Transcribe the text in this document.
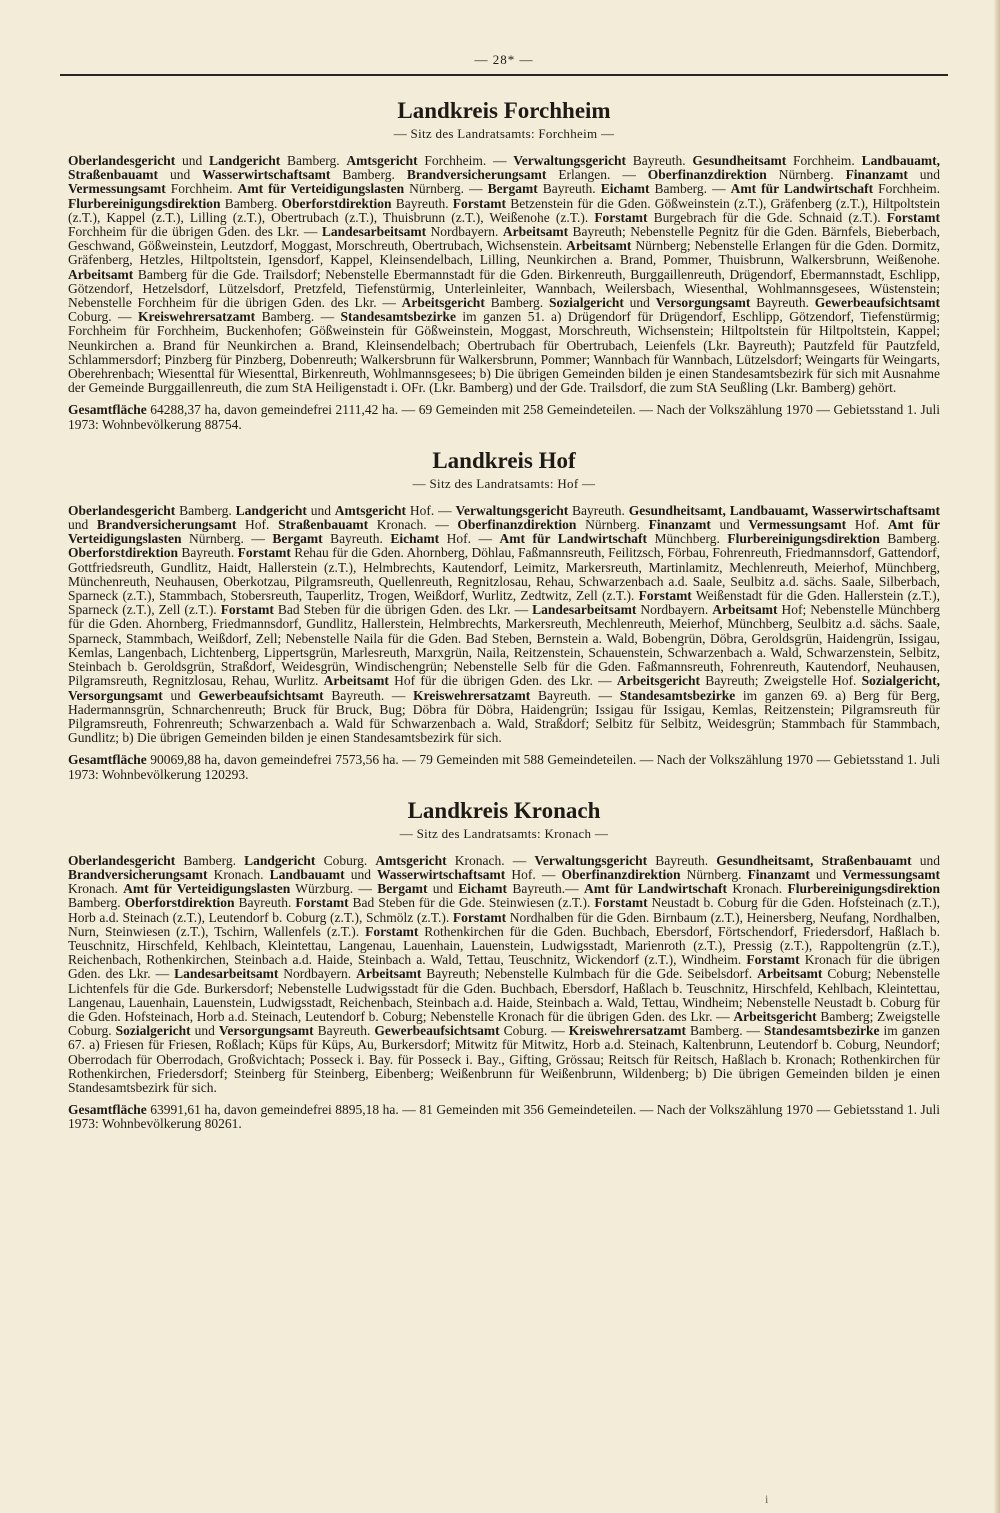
— 28* —
Landkreis Forchheim
— Sitz des Landratsamts: Forchheim —

Oberlandesgericht und Landgericht Bamberg. Amtsgericht Forchheim. — Verwaltungsgericht Bayreuth. Gesundheitsamt Forchheim. Landbauamt, Straßenbauamt und Wasserwirtschaftsamt Bamberg. Brandversicherungsamt Erlangen. — Oberfinanzdirektion Nürnberg. Finanzamt und Vermessungsamt Forchheim. Amt für Verteidigungslasten Nürnberg. — Bergamt Bayreuth. Eichamt Bamberg. — Amt für Landwirtschaft Forchheim. Flurbereinigungsdirektion Bamberg. Oberforstdirektion Bayreuth. Forstamt Betzenstein für die Gden. Gößweinstein (z.T.), Gräfenberg (z.T.), Hiltpoltstein (z.T.), Kappel (z.T.), Lilling (z.T.), Obertrubach (z.T.), Thuisbrunn (z.T.), Weißenohe (z.T.). Forstamt Burgebrach für die Gde. Schnaid (z.T.). Forstamt Forchheim für die übrigen Gden. des Lkr. — Landesarbeitsamt Nordbayern. Arbeitsamt Bayreuth; Nebenstelle Pegnitz für die Gden. Bärnfels, Bieberbach, Geschwand, Gößweinstein, Leutzdorf, Moggast, Morschreuth, Obertrubach, Wichsenstein. Arbeitsamt Nürnberg; Nebenstelle Erlangen für die Gden. Dormitz, Gräfenberg, Hetzles, Hiltpoltstein, Igensdorf, Kappel, Kleinsendelbach, Lilling, Neunkirchen a. Brand, Pommer, Thuisbrunn, Walkersbrunn, Weißenohe. Arbeitsamt Bamberg für die Gde. Trailsdorf; Nebenstelle Ebermannstadt für die Gden. Birkenreuth, Burggaillenreuth, Drügendorf, Ebermannstadt, Eschlipp, Götzendorf, Hetzelsdorf, Lützelsdorf, Pretzfeld, Tiefenstürmig, Unterleinleiter, Wannbach, Weilersbach, Wiesenthal, Wohlmannsgesees, Wüstenstein; Nebenstelle Forchheim für die übrigen Gden. des Lkr. — Arbeitsgericht Bamberg. Sozialgericht und Versorgungsamt Bayreuth. Gewerbeaufsichtsamt Coburg. — Kreiswehrersatzamt Bamberg. — Standesamtsbezirke im ganzen 51. a) Drügendorf für Drügendorf, Eschlipp, Götzendorf, Tiefenstürmig; Forchheim für Forchheim, Buckenhofen; Gößweinstein für Gößweinstein, Moggast, Morschreuth, Wichsenstein; Hiltpoltstein für Hiltpoltstein, Kappel; Neunkirchen a. Brand für Neunkirchen a. Brand, Kleinsendelbach; Obertrubach für Obertrubach, Leienfels (Lkr. Bayreuth); Pautzfeld für Pautzfeld, Schlammersdorf; Pinzberg für Pinzberg, Dobenreuth; Walkersbrunn für Walkersbrunn, Pommer; Wannbach für Wannbach, Lützelsdorf; Weingarts für Weingarts, Oberehrenbach; Wiesenttal für Wiesenttal, Birkenreuth, Wohlmannsgesees; b) Die übrigen Gemeinden bilden je einen Standesamtsbezirk für sich mit Ausnahme der Gemeinde Burggaillenreuth, die zum StA Heiligenstadt i. OFr. (Lkr. Bamberg) und der Gde. Trailsdorf, die zum StA Seußling (Lkr. Bamberg) gehört.

Gesamtfläche 64288,37 ha, davon gemeindefrei 2111,42 ha. — 69 Gemeinden mit 258 Gemeindeteilen. — Nach der Volkszählung 1970 — Gebietsstand 1. Juli 1973: Wohnbevölkerung 88754.

Landkreis Hof
— Sitz des Landratsamts: Hof —

Oberlandesgericht Bamberg. Landgericht und Amtsgericht Hof. — Verwaltungsgericht Bayreuth. Gesundheitsamt, Landbauamt, Wasserwirtschaftsamt und Brandversicherungsamt Hof. Straßenbauamt Kronach. — Oberfinanzdirektion Nürnberg. Finanzamt und Vermessungsamt Hof. Amt für Verteidigungslasten Nürnberg. — Bergamt Bayreuth. Eichamt Hof. — Amt für Landwirtschaft Münchberg. Flurbereinigungsdirektion Bamberg. Oberforstdirektion Bayreuth. Forstamt Rehau für die Gden. Ahornberg, Döhlau, Faßmannsreuth, Feilitzsch, Förbau, Fohrenreuth, Friedmannsdorf, Gattendorf, Gottfriedsreuth, Gundlitz, Haidt, Hallerstein (z.T.), Helmbrechts, Kautendorf, Leimitz, Markersreuth, Martinlamitz, Mechlenreuth, Meierhof, Münchberg, Münchenreuth, Neuhausen, Oberkotzau, Pilgramsreuth, Quellenreuth, Regnitzlosau, Rehau, Schwarzenbach a.d. Saale, Seulbitz a.d. sächs. Saale, Silberbach, Sparneck (z.T.), Stammbach, Stobersreuth, Tauperlitz, Trogen, Weißdorf, Wurlitz, Zedtwitz, Zell (z.T.). Forstamt Weißenstadt für die Gden. Hallerstein (z.T.), Sparneck (z.T.), Zell (z.T.). Forstamt Bad Steben für die übrigen Gden. des Lkr. — Landesarbeitsamt Nordbayern. Arbeitsamt Hof; Nebenstelle Münchberg für die Gden. Ahornberg, Friedmannsdorf, Gundlitz, Hallerstein, Helmbrechts, Markersreuth, Mechlenreuth, Meierhof, Münchberg, Seulbitz a.d. sächs. Saale, Sparneck, Stammbach, Weißdorf, Zell; Nebenstelle Naila für die Gden. Bad Steben, Bernstein a. Wald, Bobengrün, Döbra, Geroldsgrün, Haidengrün, Issigau, Kemlas, Langenbach, Lichtenberg, Lippertsgrün, Marlesreuth, Marxgrün, Naila, Reitzenstein, Schauenstein, Schwarzenbach a. Wald, Schwarzenstein, Selbitz, Steinbach b. Geroldsgrün, Straßdorf, Weidesgrün, Windischengrün; Nebenstelle Selb für die Gden. Faßmannsreuth, Fohrenreuth, Kautendorf, Neuhausen, Pilgramsreuth, Regnitzlosau, Rehau, Wurlitz. Arbeitsamt Hof für die übrigen Gden. des Lkr. — Arbeitsgericht Bayreuth; Zweigstelle Hof. Sozialgericht, Versorgungsamt und Gewerbeaufsichtsamt Bayreuth. — Kreiswehrersatzamt Bayreuth. — Standesamtsbezirke im ganzen 69. a) Berg für Berg, Hadermannsgrün, Schnarchenreuth; Bruck für Bruck, Bug; Döbra für Döbra, Haidengrün; Issigau für Issigau, Kemlas, Reitzenstein; Pilgramsreuth für Pilgramsreuth, Fohrenreuth; Schwarzenbach a. Wald für Schwarzenbach a. Wald, Straßdorf; Selbitz für Selbitz, Weidesgrün; Stammbach für Stammbach, Gundlitz; b) Die übrigen Gemeinden bilden je einen Standesamtsbezirk für sich.

Gesamtfläche 90069,88 ha, davon gemeindefrei 7573,56 ha. — 79 Gemeinden mit 588 Gemeindeteilen. — Nach der Volkszählung 1970 — Gebietsstand 1. Juli 1973: Wohnbevölkerung 120293.

Landkreis Kronach
— Sitz des Landratsamts: Kronach —

Oberlandesgericht Bamberg. Landgericht Coburg. Amtsgericht Kronach. — Verwaltungsgericht Bayreuth. Gesundheitsamt, Straßenbauamt und Brandversicherungsamt Kronach. Landbauamt und Wasserwirtschaftsamt Hof. — Oberfinanzdirektion Nürnberg. Finanzamt und Vermessungsamt Kronach. Amt für Verteidigungslasten Würzburg. — Bergamt und Eichamt Bayreuth.— Amt für Landwirtschaft Kronach. Flurbereinigungsdirektion Bamberg. Oberforstdirektion Bayreuth. Forstamt Bad Steben für die Gde. Steinwiesen (z.T.). Forstamt Neustadt b. Coburg für die Gden. Hofsteinach (z.T.), Horb a.d. Steinach (z.T.), Leutendorf b. Coburg (z.T.), Schmölz (z.T.). Forstamt Nordhalben für die Gden. Birnbaum (z.T.), Heinersberg, Neufang, Nordhalben, Nurn, Steinwiesen (z.T.), Tschirn, Wallenfels (z.T.). Forstamt Rothenkirchen für die Gden. Buchbach, Ebersdorf, Förtschendorf, Friedersdorf, Haßlach b. Teuschnitz, Hirschfeld, Kehlbach, Kleintettau, Langenau, Lauenhain, Lauenstein, Ludwigsstadt, Marienroth (z.T.), Pressig (z.T.), Rappoltengrün (z.T.), Reichenbach, Rothenkirchen, Steinbach a.d. Haide, Steinbach a. Wald, Tettau, Teuschnitz, Wickendorf (z.T.), Windheim. Forstamt Kronach für die übrigen Gden. des Lkr. — Landesarbeitsamt Nordbayern. Arbeitsamt Bayreuth; Nebenstelle Kulmbach für die Gde. Seibelsdorf. Arbeitsamt Coburg; Nebenstelle Lichtenfels für die Gde. Burkersdorf; Nebenstelle Ludwigsstadt für die Gden. Buchbach, Ebersdorf, Haßlach b. Teuschnitz, Hirschfeld, Kehlbach, Kleintettau, Langenau, Lauenhain, Lauenstein, Ludwigsstadt, Reichenbach, Steinbach a.d. Haide, Steinbach a. Wald, Tettau, Windheim; Nebenstelle Neustadt b. Coburg für die Gden. Hofsteinach, Horb a.d. Steinach, Leutendorf b. Coburg; Nebenstelle Kronach für die übrigen Gden. des Lkr. — Arbeitsgericht Bamberg; Zweigstelle Coburg. Sozialgericht und Versorgungsamt Bayreuth. Gewerbeaufsichtsamt Coburg. — Kreiswehrersatzamt Bamberg. — Standesamtsbezirke im ganzen 67. a) Friesen für Friesen, Roßlach; Küps für Küps, Au, Burkersdorf; Mitwitz für Mitwitz, Horb a.d. Steinach, Kaltenbrunn, Leutendorf b. Coburg, Neundorf; Oberrodach für Oberrodach, Großvichtach; Posseck i. Bay. für Posseck i. Bay., Gifting, Grössau; Reitsch für Reitsch, Haßlach b. Kronach; Rothenkirchen für Rothenkirchen, Friedersdorf; Steinberg für Steinberg, Eibenberg; Weißenbrunn für Weißenbrunn, Wildenberg; b) Die übrigen Gemeinden bilden je einen Standesamtsbezirk für sich.

Gesamtfläche 63991,61 ha, davon gemeindefrei 8895,18 ha. — 81 Gemeinden mit 356 Gemeindeteilen. — Nach der Volkszählung 1970 — Gebietsstand 1. Juli 1973: Wohnbevölkerung 80261.

i
